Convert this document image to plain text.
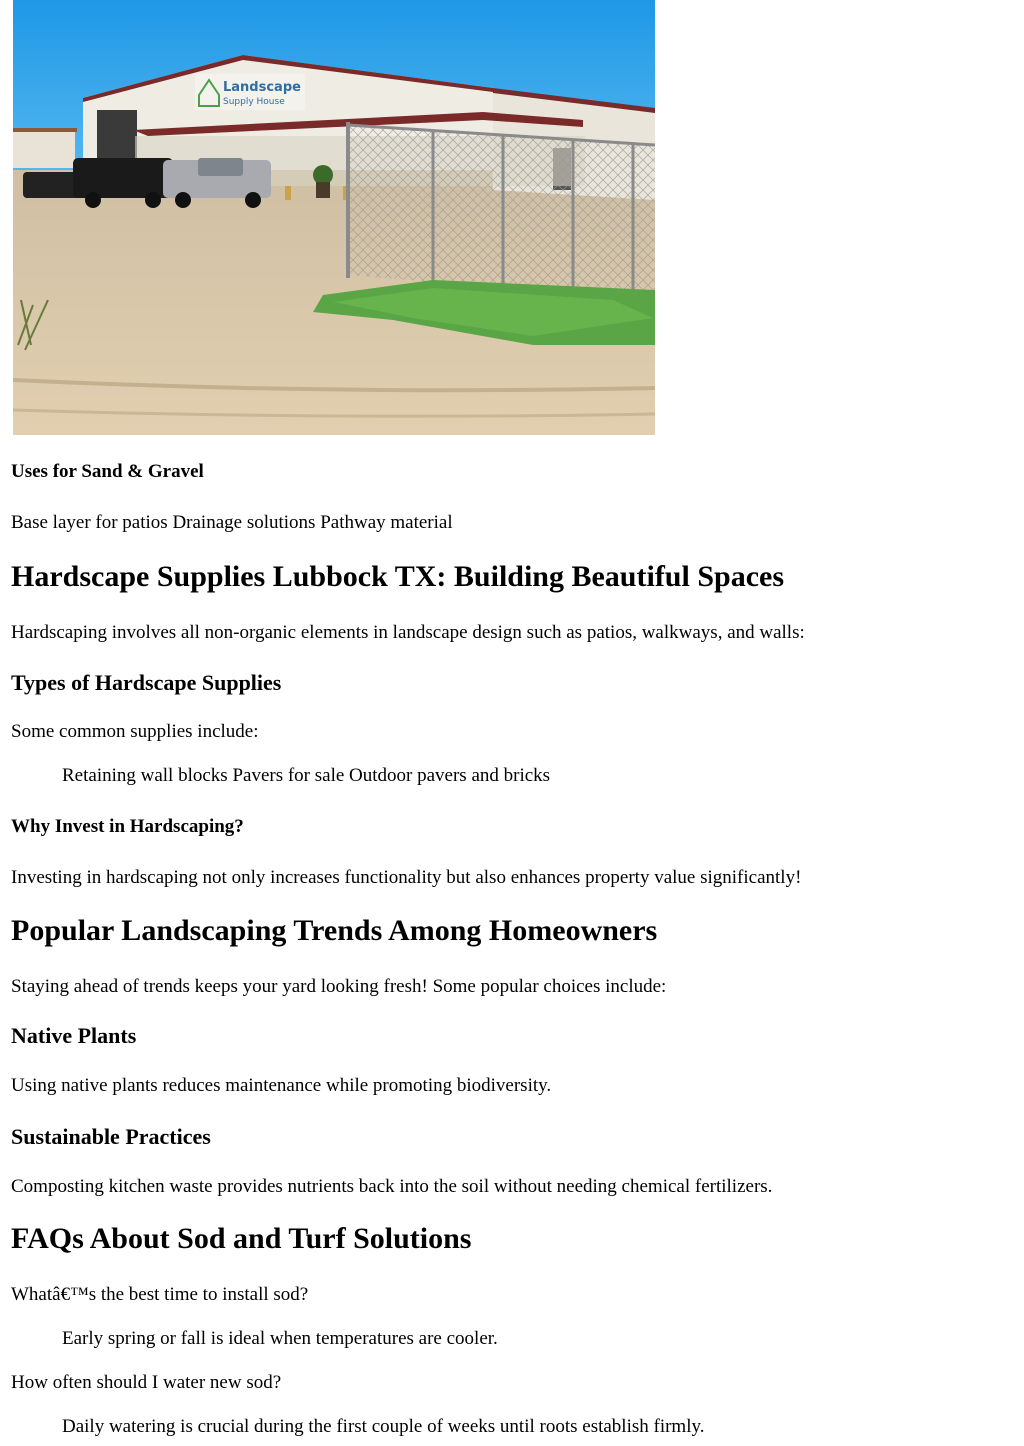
Landscape
Supply House
Uses for Sand & Gravel

Base layer for patios Drainage solutions Pathway material

Hardscape Supplies Lubbock TX: Building Beautiful Spaces

Hardscaping involves all non-organic elements in landscape design such as patios, walkways, and walls:

Types of Hardscape Supplies

Some common supplies include:

Retaining wall blocks Pavers for sale Outdoor pavers and bricks

Why Invest in Hardscaping?

Investing in hardscaping not only increases functionality but also enhances property value significantly!

Popular Landscaping Trends Among Homeowners

Staying ahead of trends keeps your yard looking fresh! Some popular choices include:

Native Plants

Using native plants reduces maintenance while promoting biodiversity.

Sustainable Practices

Composting kitchen waste provides nutrients back into the soil without needing chemical fertilizers.

FAQs About Sod and Turf Solutions

Whatâ€™s the best time to install sod?

Early spring or fall is ideal when temperatures are cooler.

How often should I water new sod?

Daily watering is crucial during the first couple of weeks until roots establish firmly.
